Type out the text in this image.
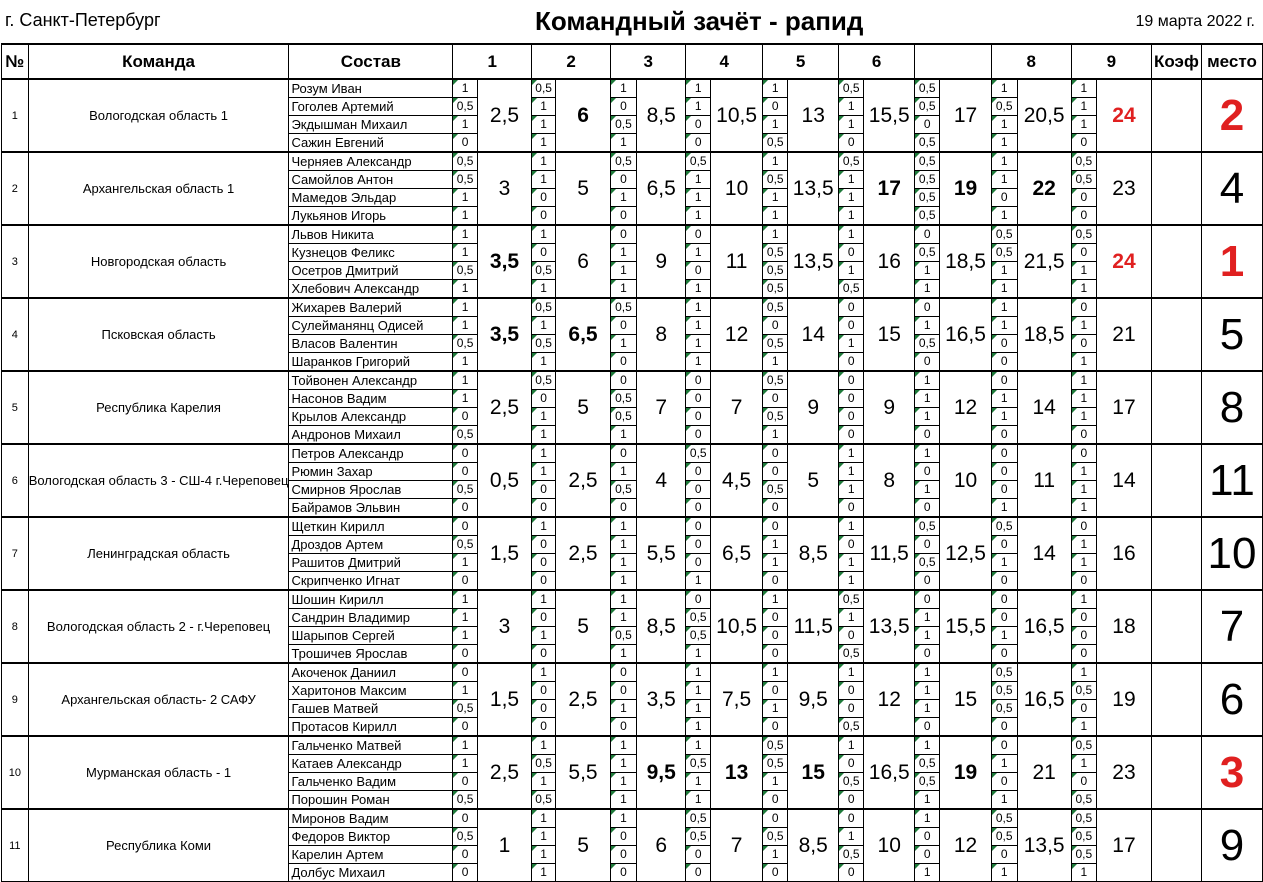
г. Санкт-Петербург	Командный зачёт - рапид	19 марта 2022 г.
№	Команда	Состав	1		2		3		4		5		6				8		9		Коэф	место
1	Вологодская область 1	Розум Иван	1	2,5	0,5	6	1	8,5	1	10,5	1	13	0,5	15,5	0,5	17	1	20,5	1	24		2
		Гоголев Артемий	0,5		1		0		1		0		1		0,5		0,5		1			
		Экдышман Михаил	1		1		0,5		0		1		1		0		1		1			
		Сажин Евгений	0		1		1		0		0,5		0		0,5		1		0			
2	Архангельская область 1	Черняев Александр	0,5	3	1	5	0,5	6,5	0,5	10	1	13,5	0,5	17	0,5	19	1	22	0,5	23		4
		Самойлов Антон	0,5		1		0		1		0,5		1		0,5		1		0,5			
		Мамедов Эльдар	1		0		1		1		1		1		0,5		0		0			
		Лукьянов Игорь	1		0		0		1		1		1		0,5		1		0			
3	Новгородская область	Львов Никита	1	3,5	1	6	0	9	0	11	1	13,5	1	16	0	18,5	0,5	21,5	0,5	24		1
		Кузнецов Феликс	1		0		1		1		0,5		0		0,5		0,5		0			
		Осетров Дмитрий	0,5		0,5		1		0		0,5		1		1		1		1			
		Хлебович Александр	1		1		1		1		0,5		0,5		1		1		1			
4	Псковская область	Жихарев Валерий	1	3,5	0,5	6,5	0,5	8	1	12	0,5	14	0	15	0	16,5	1	18,5	0	21		5
		Сулейманянц Одисей	1		1		0		1		0		0		1		1		1			
		Власов Валентин	0,5		0,5		1		1		0,5		1		0,5		0		0			
		Шаранков Григорий	1		1		0		1		1		0		0		0		1			
5	Республика Карелия	Тойвонен Александр	1	2,5	0,5	5	0	7	0	7	0,5	9	0	9	1	12	0	14	1	17		8
		Насонов Вадим	1		0		0,5		0		0		0		1		1		1			
		Крылов Александр	0		1		0,5		0		0,5		0		1		1		1			
		Андронов Михаил	0,5		1		1		0		1		0		0		0		0			
6	Вологодская область 3 - СШ-4 г.Череповец	Петров Александр	0	0,5	1	2,5	0	4	0,5	4,5	0	5	1	8	1	10	0	11	0	14		11
		Рюмин Захар	0		1		1		0		0		1		0		0		1			
		Смирнов Ярослав	0,5		0		0,5		0		0,5		1		1		0		1			
		Байрамов Эльвин	0		0		0		0		0		0		0		1		1			
7	Ленинградская область	Щеткин Кирилл	0	1,5	1	2,5	1	5,5	0	6,5	0	8,5	1	11,5	0,5	12,5	0,5	14	0	16		10
		Дроздов Артем	0,5		0		1		0		1		0		0		0		1			
		Рашитов Дмитрий	1		0		1		0		1		1		0,5		1		1			
		Скрипченко Игнат	0		0		1		1		0		1		0		0		0			
8	Вологодская область 2 - г.Череповец	Шошин Кирилл	1	3	1	5	1	8,5	0	10,5	1	11,5	0,5	13,5	0	15,5	0	16,5	1	18		7
		Сандрин Владимир	1		0		1		0,5		0		1		1		0		0			
		Шарыпов Сергей	1		1		0,5		0,5		0		0		1		1		0			
		Трошичев Ярослав	0		0		1		1		0		0,5		0		0		0			
9	Архангельская область- 2 САФУ	Акоченок Даниил	0	1,5	1	2,5	0	3,5	1	7,5	1	9,5	1	12	1	15	0,5	16,5	1	19		6
		Харитонов Максим	1		0		0		1		0		0		1		0,5		0,5			
		Гашев Матвей	0,5		0		1		1		1		0		1		0,5		0			
		Протасов Кирилл	0		0		0		1		0		0,5		0		0		1			
10	Мурманская область - 1	Гальченко Матвей	1	2,5	1	5,5	1	9,5	1	13	0,5	15	1	16,5	1	19	0	21	0,5	23		3
		Катаев Александр	1		0,5		1		0,5		0,5		0		0,5		1		1			
		Гальченко Вадим	0		1		1		1		1		0,5		0,5		0		0			
		Порошин Роман	0,5		0,5		1		1		0		0		1		1		0,5			
11	Республика Коми	Миронов Вадим	0	1	1	5	1	6	0,5	7	0	8,5	0	10	1	12	0,5	13,5	0,5	17		9
		Федоров Виктор	0,5		1		0		0,5		0,5		1		0		0,5		0,5			
		Карелин Артем	0		1		0		0		1		0,5		0		0		0,5			
		Долбус Михаил	0		1		0		0		0		0		1		1		1			
